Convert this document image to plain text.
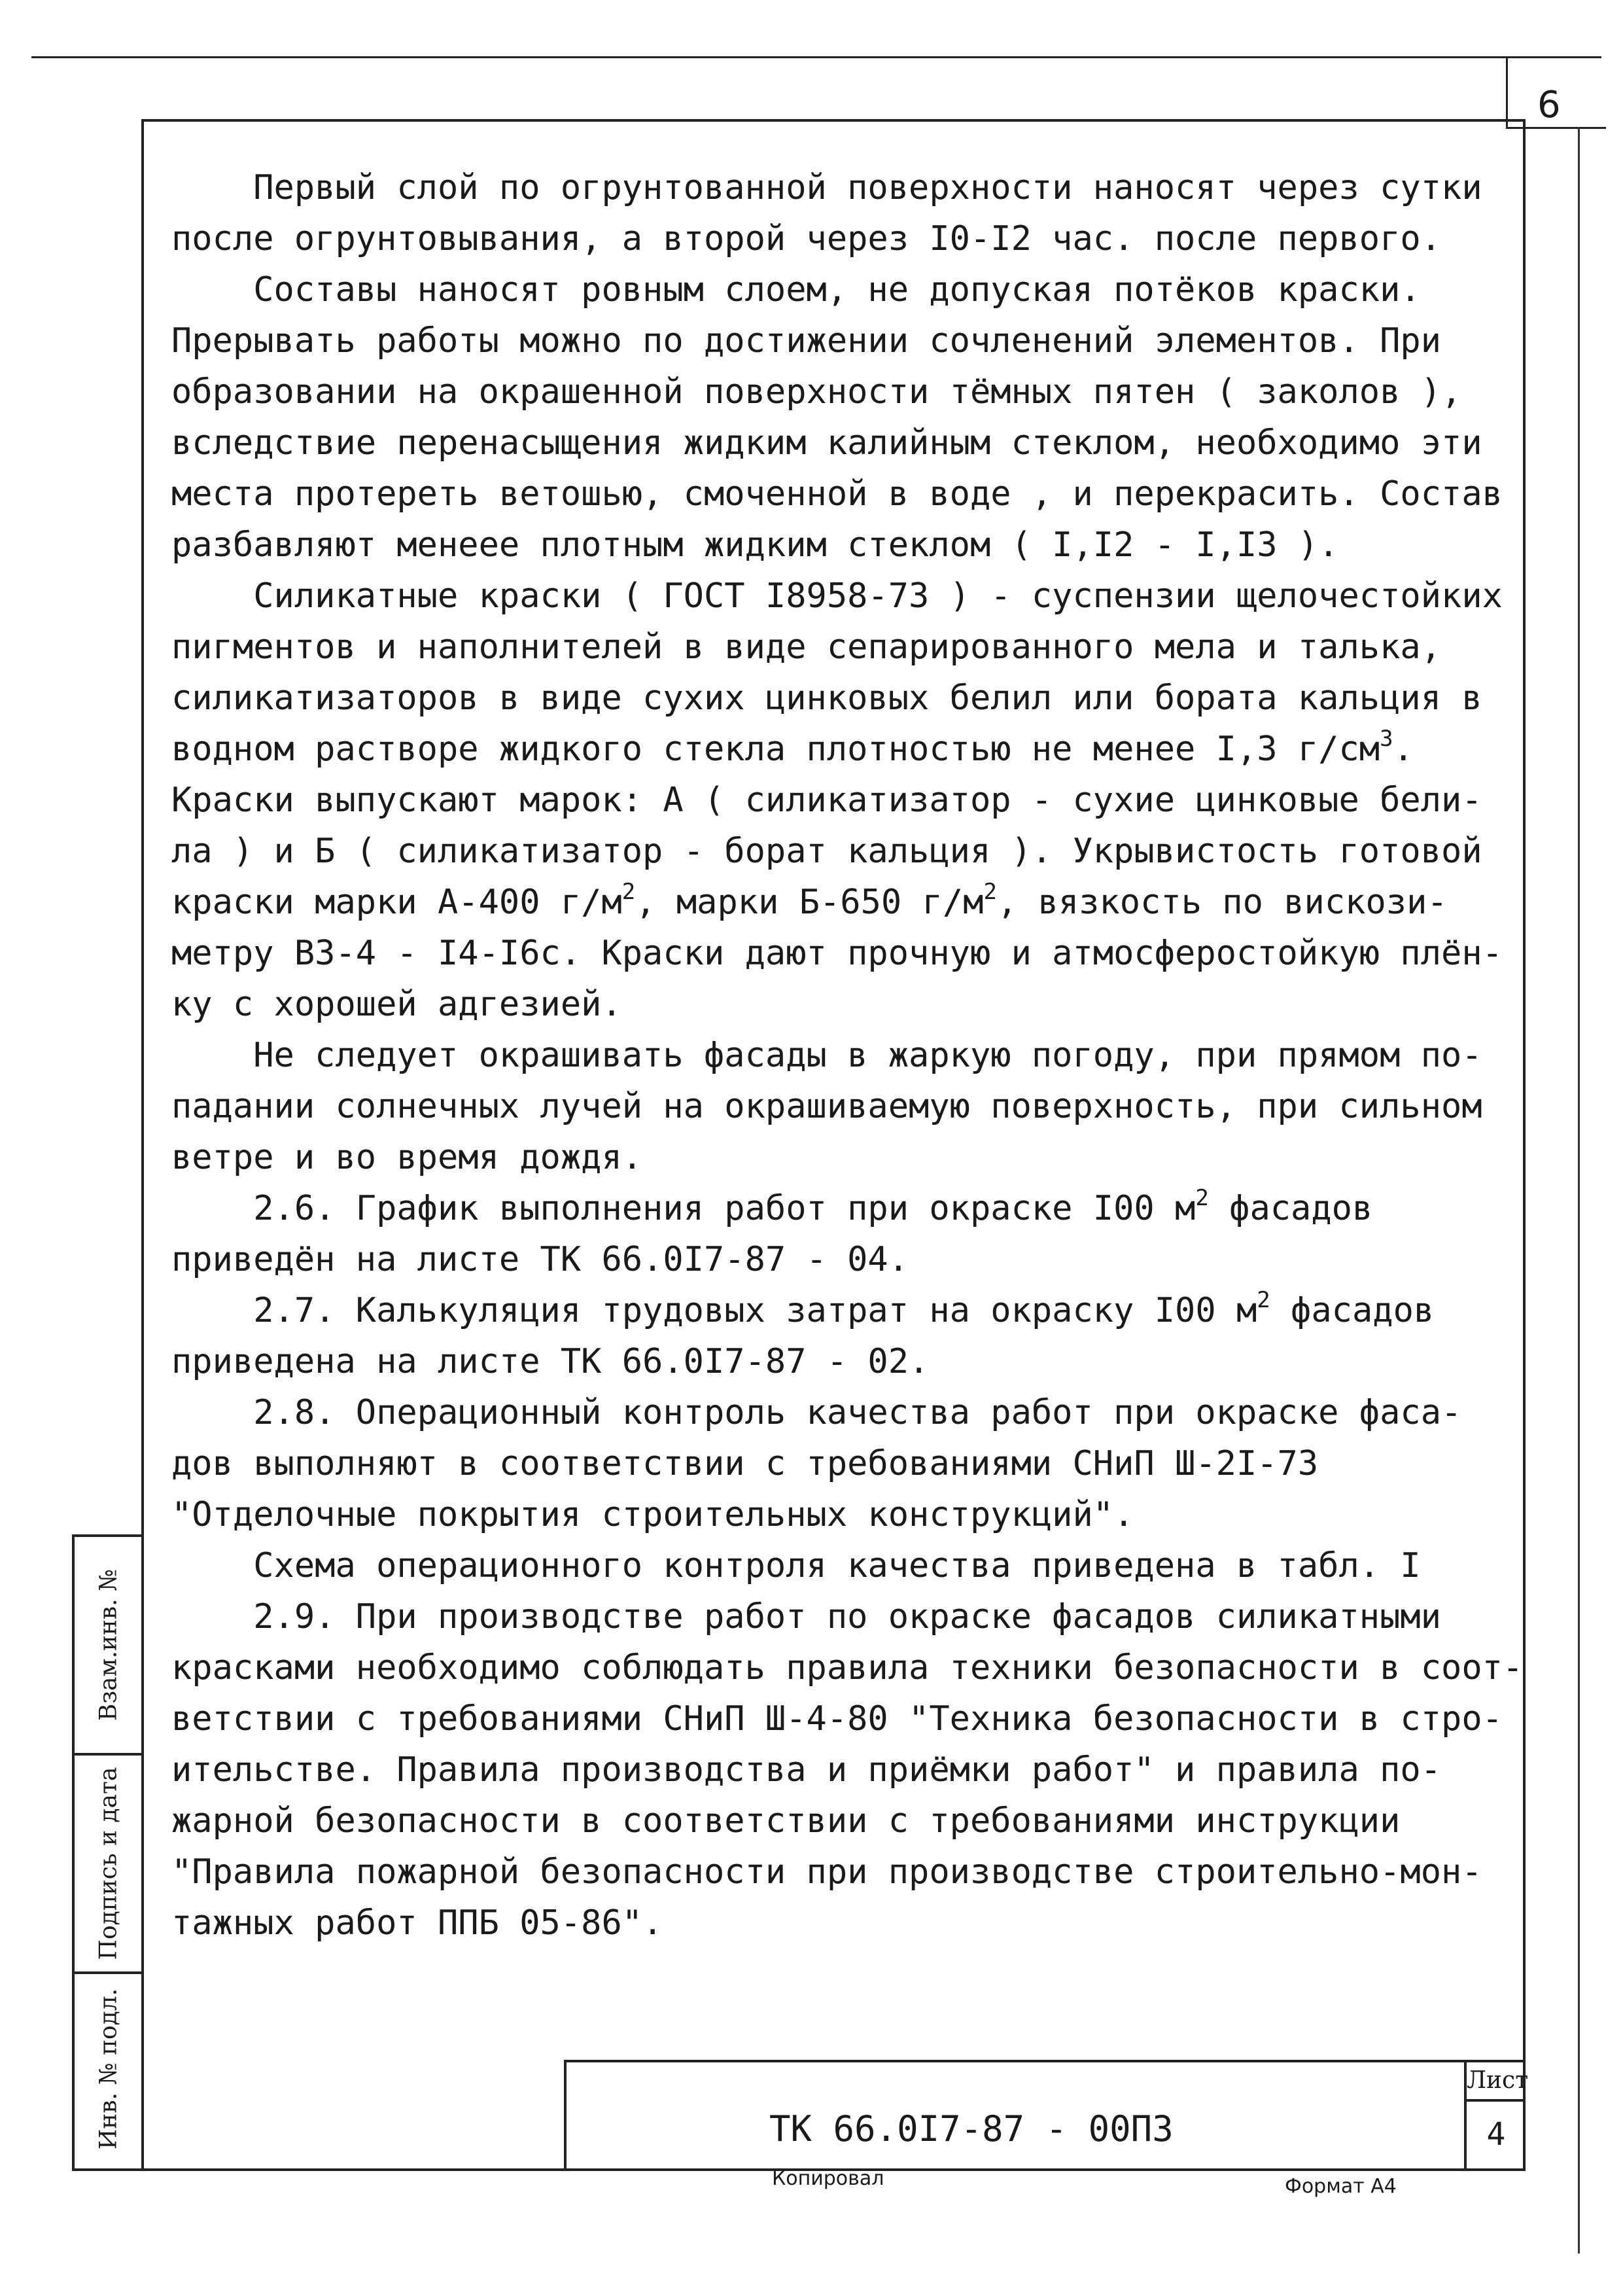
6
Первый слой по огрунтованной поверхности наносят через сутки
после огрунтовывания, а второй через I0-I2 час. после первого.
Составы наносят ровным слоем, не допуская потёков краски.
Прерывать работы можно по достижении сочленений элементов. При
образовании на окрашенной поверхности тёмных пятен ( заколов ),
вследствие перенасыщения жидким калийным стеклом, необходимо эти
места протереть ветошью, смоченной в воде , и перекрасить. Состав
разбавляют менеее плотным жидким стеклом ( I,I2 - I,I3 ).
Силикатные краски ( ГОСТ I8958-73 ) - суспензии щелочестойких
пигментов и наполнителей в виде сепарированного мела и талька,
силикатизаторов в виде сухих цинковых белил или бората кальция в
водном растворе жидкого стекла плотностью не менее I,3 $г/см^3$.
Краски выпускают марок: А ( силикатизатор - сухие цинковые бели-
ла ) и Б ( силикатизатор - борат кальция ). Укрывистость готовой
краски марки А-400 $г/м^2$, марки Б-650 $г/м^2$, вязкость по вискози-
метру ВЗ-4 - I4-I6с. Краски дают прочную и атмосферостойкую плён-
ку с хорошей адгезией.
Не следует окрашивать фасады в жаркую погоду, при прямом по-
падании солнечных лучей на окрашиваемую поверхность, при сильном
ветре и во время дождя.
2.6. График выполнения работ при окраске I00 $м^2$ фасадов
приведён на листе ТК 66.0I7-87 - 04.
2.7. Калькуляция трудовых затрат на окраску I00 $м^2$ фасадов
приведена на листе ТК 66.0I7-87 - 02.
2.8. Операционный контроль качества работ при окраске фаса-
дов выполняют в соответствии с требованиями СНиП Ш-2I-73
"Отделочные покрытия строительных конструкций".
Схема операционного контроля качества приведена в табл. I
2.9. При производстве работ по окраске фасадов силикатными
красками необходимо соблюдать правила техники безопасности в соот-
ветствии с требованиями СНиП Ш-4-80 "Техника безопасности в стро-
ительстве. Правила производства и приёмки работ" и правила по-
жарной безопасности в соответствии с требованиями инструкции
"Правила пожарной безопасности при производстве строительно-мон-
тажных работ ППБ 05-86".
Взам.инв. №
Подпись и дата
Инв. № подл.	ТК 66.0I7-87 - 00ПЗ
Лист
4
Копировал	Формат А4
